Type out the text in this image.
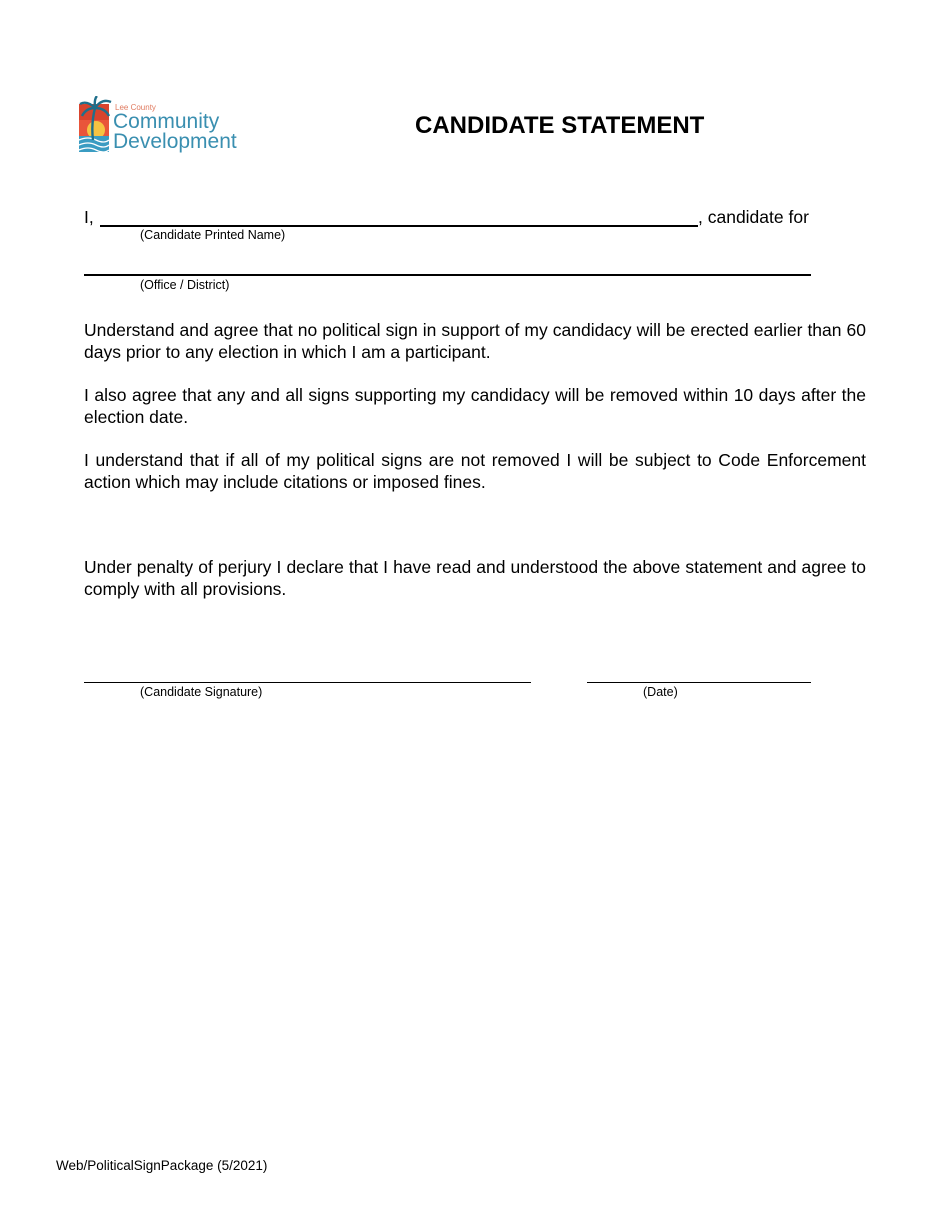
Lee County
Community
Development
CANDIDATE STATEMENT
I,	, candidate for
(Candidate Printed Name)
(Office / District)
Understand and agree that no political sign in support of my candidacy will be erected earlier than 60 days prior to any election in which I am a participant.
I also agree that any and all signs supporting my candidacy will be removed within 10 days after the election date.
I understand that if all of my political signs are not removed I will be subject to Code Enforcement action which may include citations or imposed fines.
Under penalty of perjury I declare that I have read and understood the above statement and agree to comply with all provisions.
(Candidate Signature)	(Date)
Web/PoliticalSignPackage (5/2021)
